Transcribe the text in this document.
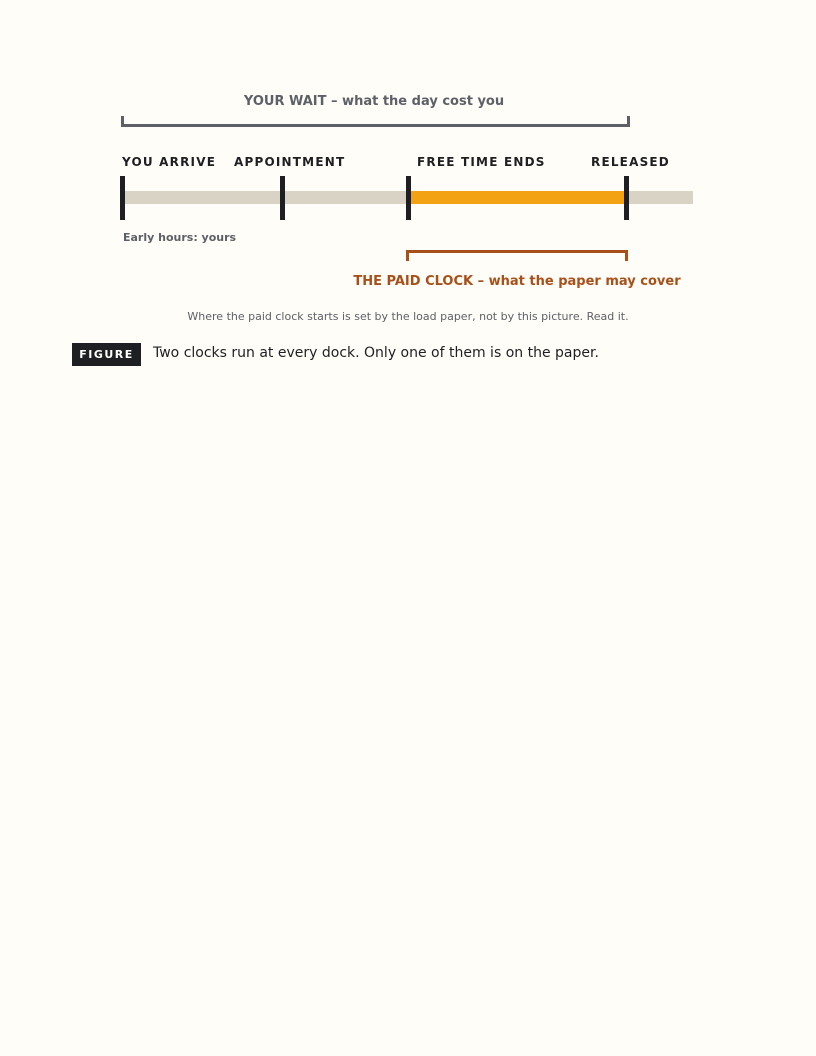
YOUR WAIT – what the day cost you
YOU ARRIVE APPOINTMENT	FREE TIME ENDS	RELEASED
Early hours: yours
THE PAID CLOCK – what the paper may cover
Where the paid clock starts is set by the load paper, not by this picture. Read it.
FIGURE	Two clocks run at every dock. Only one of them is on the paper.
